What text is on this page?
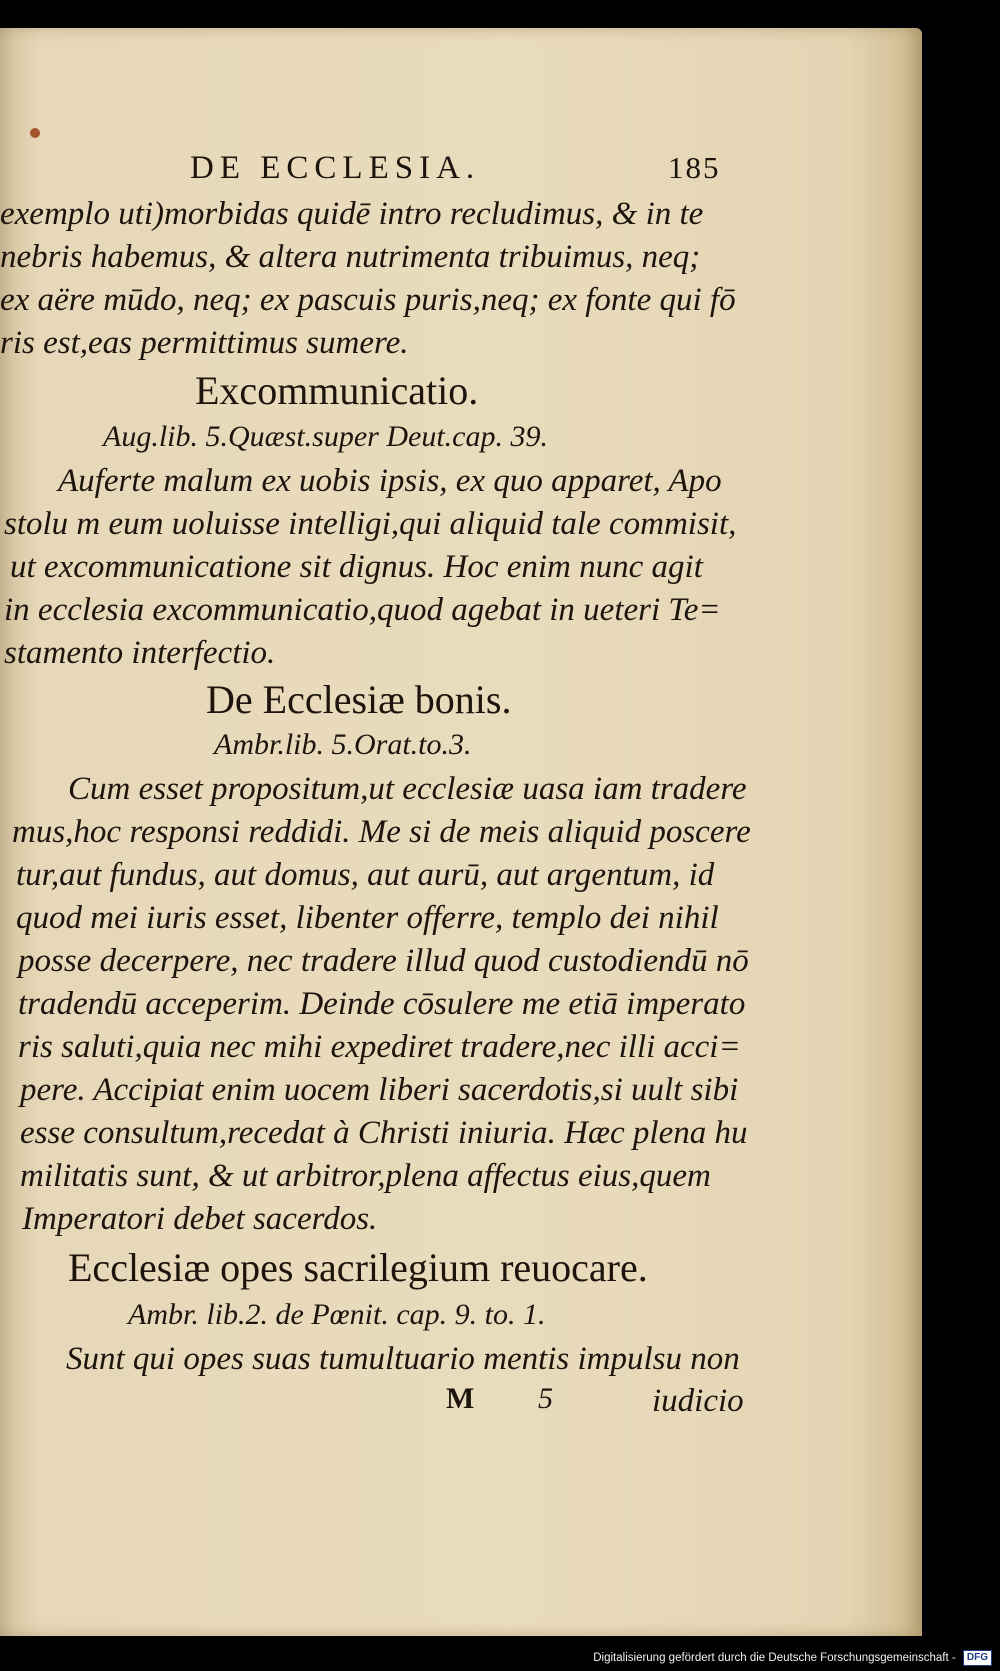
DE ECCLESIA.	185
exemplo uti)morbidas quidē intro recludimus, & in te
nebris habemus, & altera nutrimenta tribuimus, neq;
ex aëre mūdo, neq; ex pascuis puris,neq; ex fonte qui fō
ris est,eas permittimus sumere.
Excommunicatio.
Aug.lib. 5.Quæst.super Deut.cap. 39.
Auferte malum ex uobis ipsis, ex quo apparet, Apo
stolu m eum uoluisse intelligi,qui aliquid tale commisit,
ut excommunicatione sit dignus. Hoc enim nunc agit
in ecclesia excommunicatio,quod agebat in ueteri Te=
stamento interfectio.
De Ecclesiæ bonis.
Ambr.lib. 5.Orat.to.3.
Cum esset propositum,ut ecclesiæ uasa iam tradere
mus,hoc responsi reddidi. Me si de meis aliquid poscere
tur,aut fundus, aut domus, aut aurū, aut argentum, id
quod mei iuris esset, libenter offerre, templo dei nihil
posse decerpere, nec tradere illud quod custodiendū nō
tradendū acceperim. Deinde cōsulere me etiā imperato
ris saluti,quia nec mihi expediret tradere,nec illi acci=
pere. Accipiat enim uocem liberi sacerdotis,si uult sibi
esse consultum,recedat à Christi iniuria. Hæc plena hu
militatis sunt, & ut arbitror,plena affectus eius,quem
Imperatori debet sacerdos.
Ecclesiæ opes sacrilegium reuocare.
Ambr. lib.2. de Pœnit. cap. 9. to. 1.
Sunt qui opes suas tumultuario mentis impulsu non
M 5	iudicio
Digitalisierung gefördert durch die Deutsche Forschungsgemeinschaft - DFG
